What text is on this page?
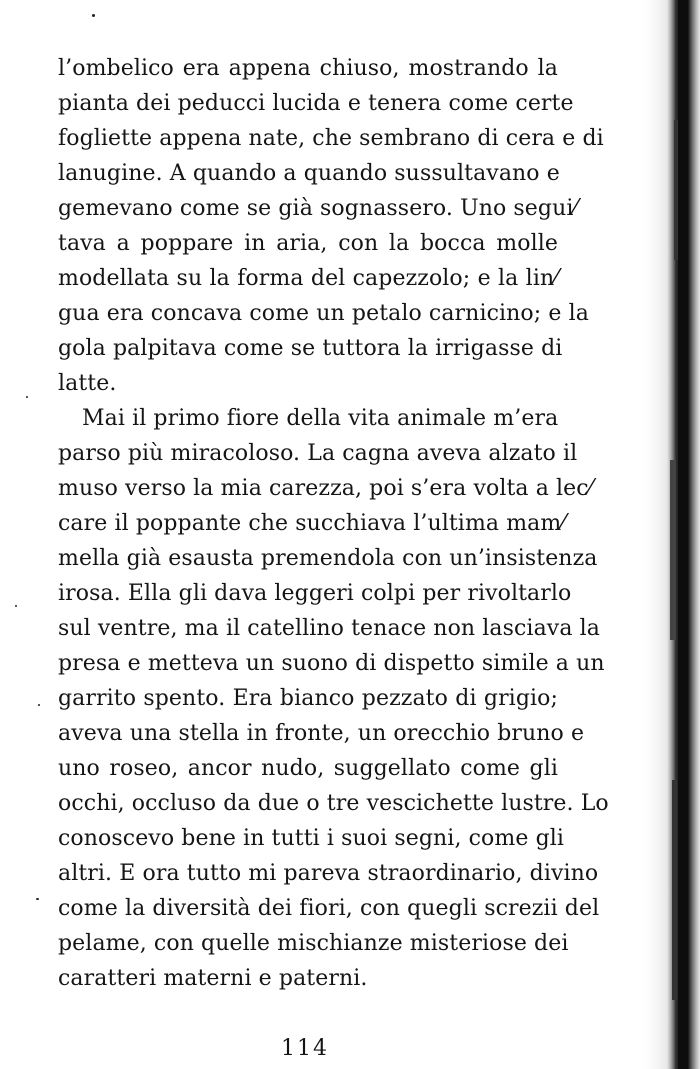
l’ombelico era appena chiuso, mostrando la
pianta dei peducci lucida e tenera come certe
fogliette appena nate, che sembrano di cera e di
lanugine. A quando a quando sussultavano e
gemevano come se già sognassero. Uno segui⁄
tava a poppare in aria, con la bocca molle
modellata su la forma del capezzolo; e la lin⁄
gua era concava come un petalo carnicino; e la
gola palpitava come se tuttora la irrigasse di
latte.
Mai il primo fiore della vita animale m’era
parso più miracoloso. La cagna aveva alzato il
muso verso la mia carezza, poi s’era volta a lec⁄
care il poppante che succhiava l’ultima mam⁄
mella già esausta premendola con un’insistenza
irosa. Ella gli dava leggeri colpi per rivoltarlo
sul ventre, ma il catellino tenace non lasciava la
presa e metteva un suono di dispetto simile a un
garrito spento. Era bianco pezzato di grigio;
aveva una stella in fronte, un orecchio bruno e
uno roseo, ancor nudo, suggellato come gli
occhi, occluso da due o tre vescichette lustre. Lo
conoscevo bene in tutti i suoi segni, come gli
altri. E ora tutto mi pareva straordinario, divino
come la diversità dei fiori, con quegli screzii del
pelame, con quelle mischianze misteriose dei
caratteri materni e paterni.
114
